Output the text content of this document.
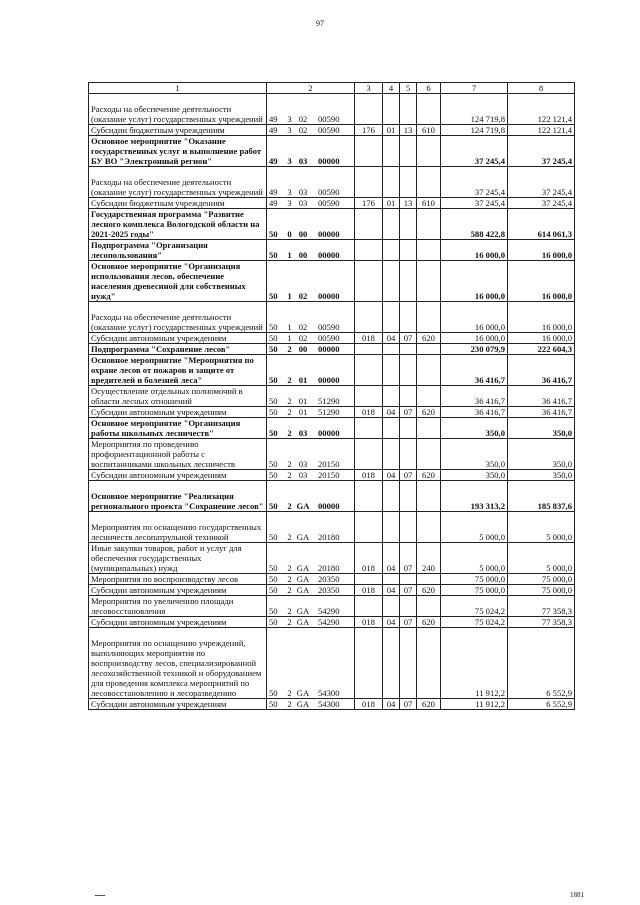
97
1	2	3	4	5	6	7	8
Расходы на обеспечение деятельности (оказание услуг) государственных учреждений	49 3 02 00590					124 719,8	122 121,4
Субсидии бюджетным учреждениям	49 3 02 00590	176	01	13	610	124 719,8	122 121,4
Основное мероприятие "Оказание государственных услуг и выполнение работ БУ ВО "Электронный регион"	49 3 03 00000					37 245,4	37 245,4
Расходы на обеспечение деятельности (оказание услуг) государственных учреждений	49 3 03 00590					37 245,4	37 245,4
Субсидии бюджетным учреждениям	49 3 03 00590	176	01	13	610	37 245,4	37 245,4
Государственная программа "Развитие лесного комплекса Вологодской области на 2021-2025 годы"	50 0 00 00000					588 422,8	614 061,3
Подпрограмма "Организация лесопользования"	50 1 00 00000					16 000,0	16 000,0
Основное мероприятие "Организация использования лесов, обеспечение населения древесиной для собственных нужд"	50 1 02 00000					16 000,0	16 000,0
Расходы на обеспечение деятельности (оказание услуг) государственных учреждений	50 1 02 00590					16 000,0	16 000,0
Субсидии автономным учреждениям	50 1 02 00590	018	04	07	620	16 000,0	16 000,0
Подпрограмма "Сохранение лесов"	50 2 00 00000					230 079,9	222 604,3
Основное мероприятие "Мероприятия по охране лесов от пожаров и защите от вредителей и болезней леса"	50 2 01 00000					36 416,7	36 416,7
Осуществление отдельных полномочий в области лесных отношений	50 2 01 51290					36 416,7	36 416,7
Субсидии автономным учреждениям	50 2 01 51290	018	04	07	620	36 416,7	36 416,7
Основное мероприятие "Организация работы школьных лесничеств"	50 2 03 00000					350,0	350,0
Мероприятия по проведению профориентационной работы с воспитанниками школьных лесничеств	50 2 03 20150					350,0	350,0
Субсидии автономным учреждениям	50 2 03 20150	018	04	07	620	350,0	350,0
Основное мероприятие "Реализация регионального проекта "Сохранение лесов"	50 2 GA 00000					193 313,2	185 837,6
Мероприятия по оснащению государственных лесничеств лесопатрульной техникой	50 2 GA 20180					5 000,0	5 000,0
Иные закупки товаров, работ и услуг для обеспечения государственных (муниципальных) нужд	50 2 GA 20180	018	04	07	240	5 000,0	5 000,0
Мероприятия по воспроизводству лесов	50 2 GA 20350					75 000,0	75 000,0
Субсидии автономным учреждениям	50 2 GA 20350	018	04	07	620	75 000,0	75 000,0
Мероприятия по увеличению площади лесовосстановления	50 2 GA 54290					75 024,2	77 358,3
Субсидии автономным учреждениям	50 2 GA 54290	018	04	07	620	75 024,2	77 358,3
Мероприятия по оснащению учреждений, выполняющих мероприятия по воспроизводству лесов, специализированной лесохозяйственной техникой и оборудованием для проведения комплекса мероприятий по лесовосстановлению и лесоразведению	50 2 GA 54300					11 912,2	6 552,9
Субсидии автономным учреждениям	50 2 GA 54300	018	04	07	620	11 912,2	6 552,9
1881
